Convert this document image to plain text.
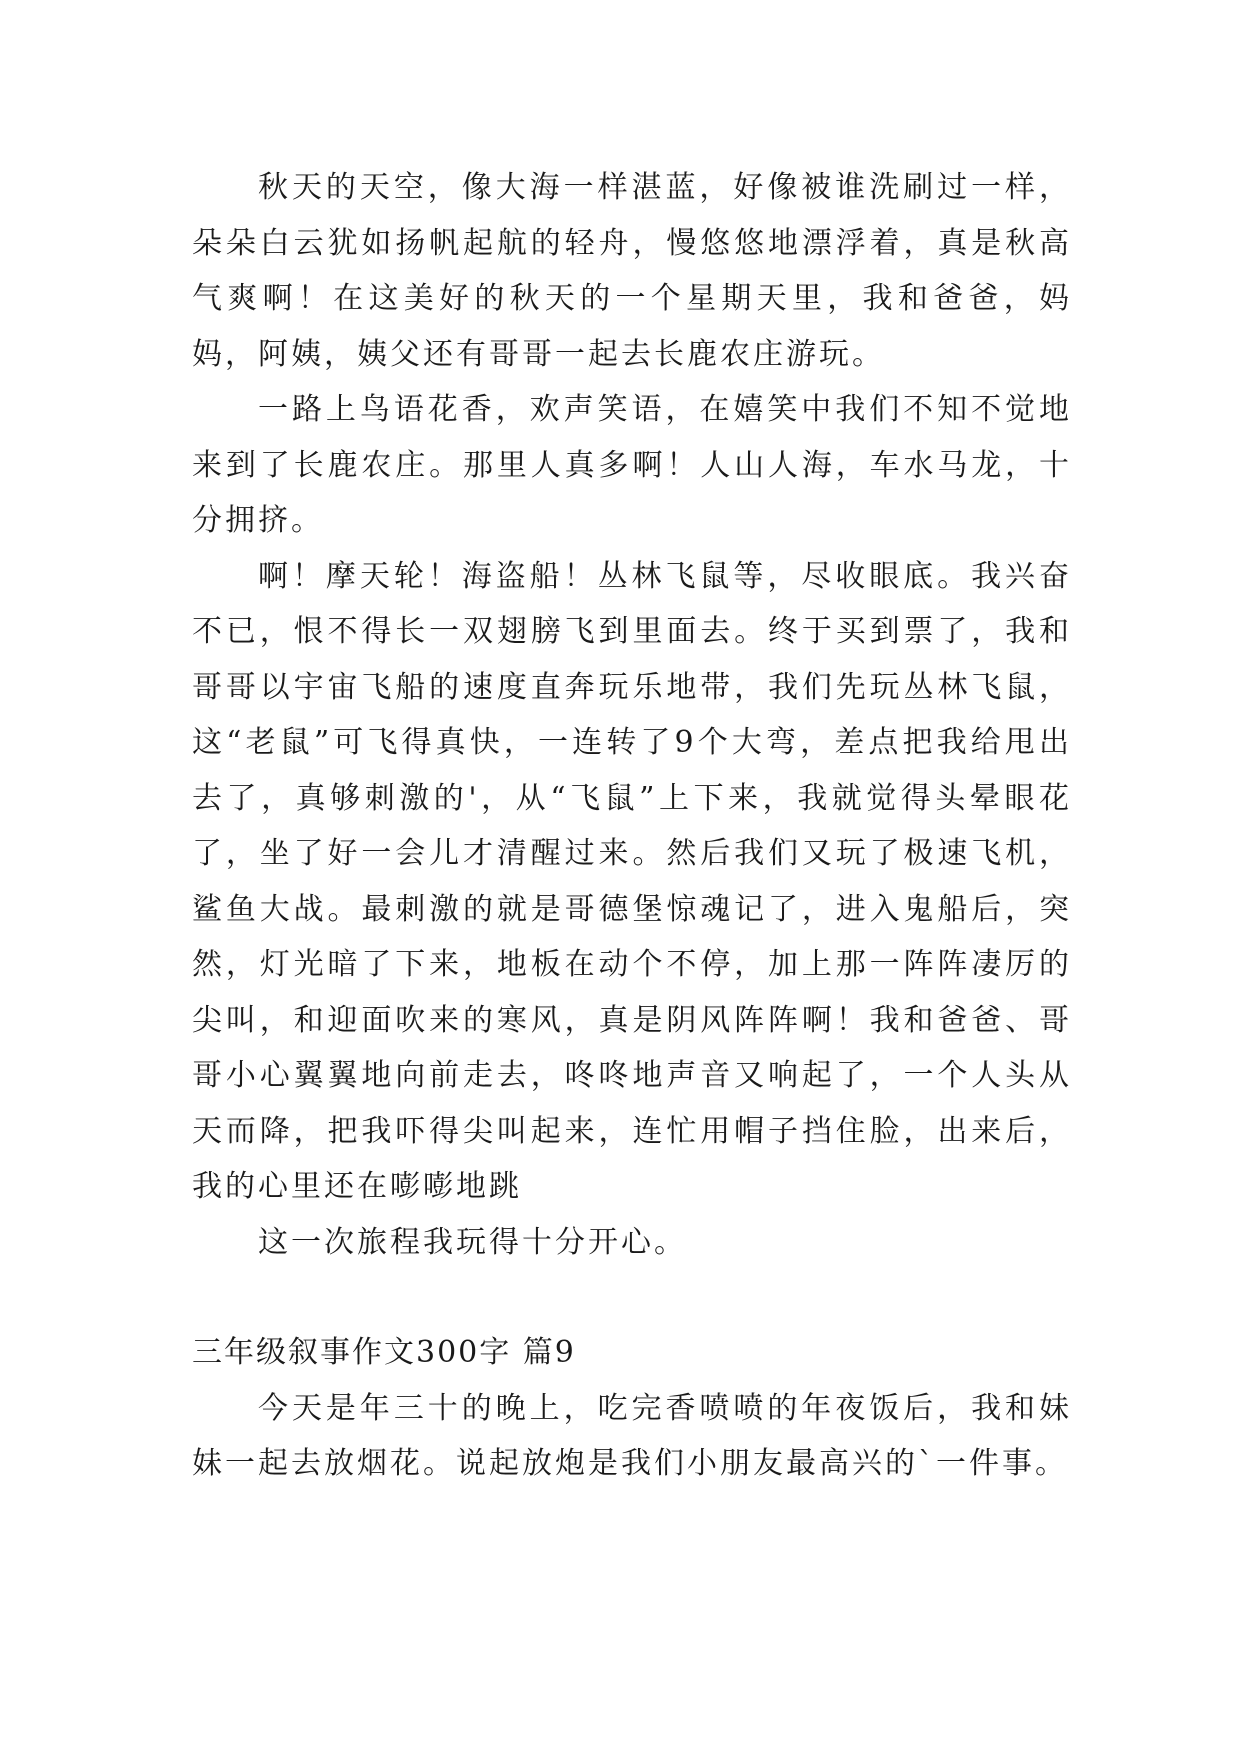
秋天的天空，像大海一样湛蓝，好像被谁洗刷过一样，朵朵白云犹如扬帆起航的轻舟，慢悠悠地漂浮着，真是秋高气爽啊！在这美好的秋天的一个星期天里，我和爸爸，妈妈，阿姨，姨父还有哥哥一起去长鹿农庄游玩。

一路上鸟语花香，欢声笑语，在嬉笑中我们不知不觉地来到了长鹿农庄。那里人真多啊！人山人海，车水马龙，十分拥挤。

啊！摩天轮！海盗船！丛林飞鼠等，尽收眼底。我兴奋不已，恨不得长一双翅膀飞到里面去。终于买到票了，我和哥哥以宇宙飞船的速度直奔玩乐地带，我们先玩丛林飞鼠，这“老鼠”可飞得真快，一连转了9个大弯，差点把我给甩出去了，真够刺激的'，从“飞鼠”上下来，我就觉得头晕眼花了，坐了好一会儿才清醒过来。然后我们又玩了极速飞机，鲨鱼大战。最刺激的就是哥德堡惊魂记了，进入鬼船后，突然，灯光暗了下来，地板在动个不停，加上那一阵阵凄厉的尖叫，和迎面吹来的寒风，真是阴风阵阵啊！我和爸爸、哥哥小心翼翼地向前走去，咚咚地声音又响起了，一个人头从天而降，把我吓得尖叫起来，连忙用帽子挡住脸，出来后，我的心里还在嘭嘭地跳

这一次旅程我玩得十分开心。

三年级叙事作文300字 篇9

今天是年三十的晚上，吃完香喷喷的年夜饭后，我和妹妹一起去放烟花。说起放炮是我们小朋友最高兴的`一件事。
